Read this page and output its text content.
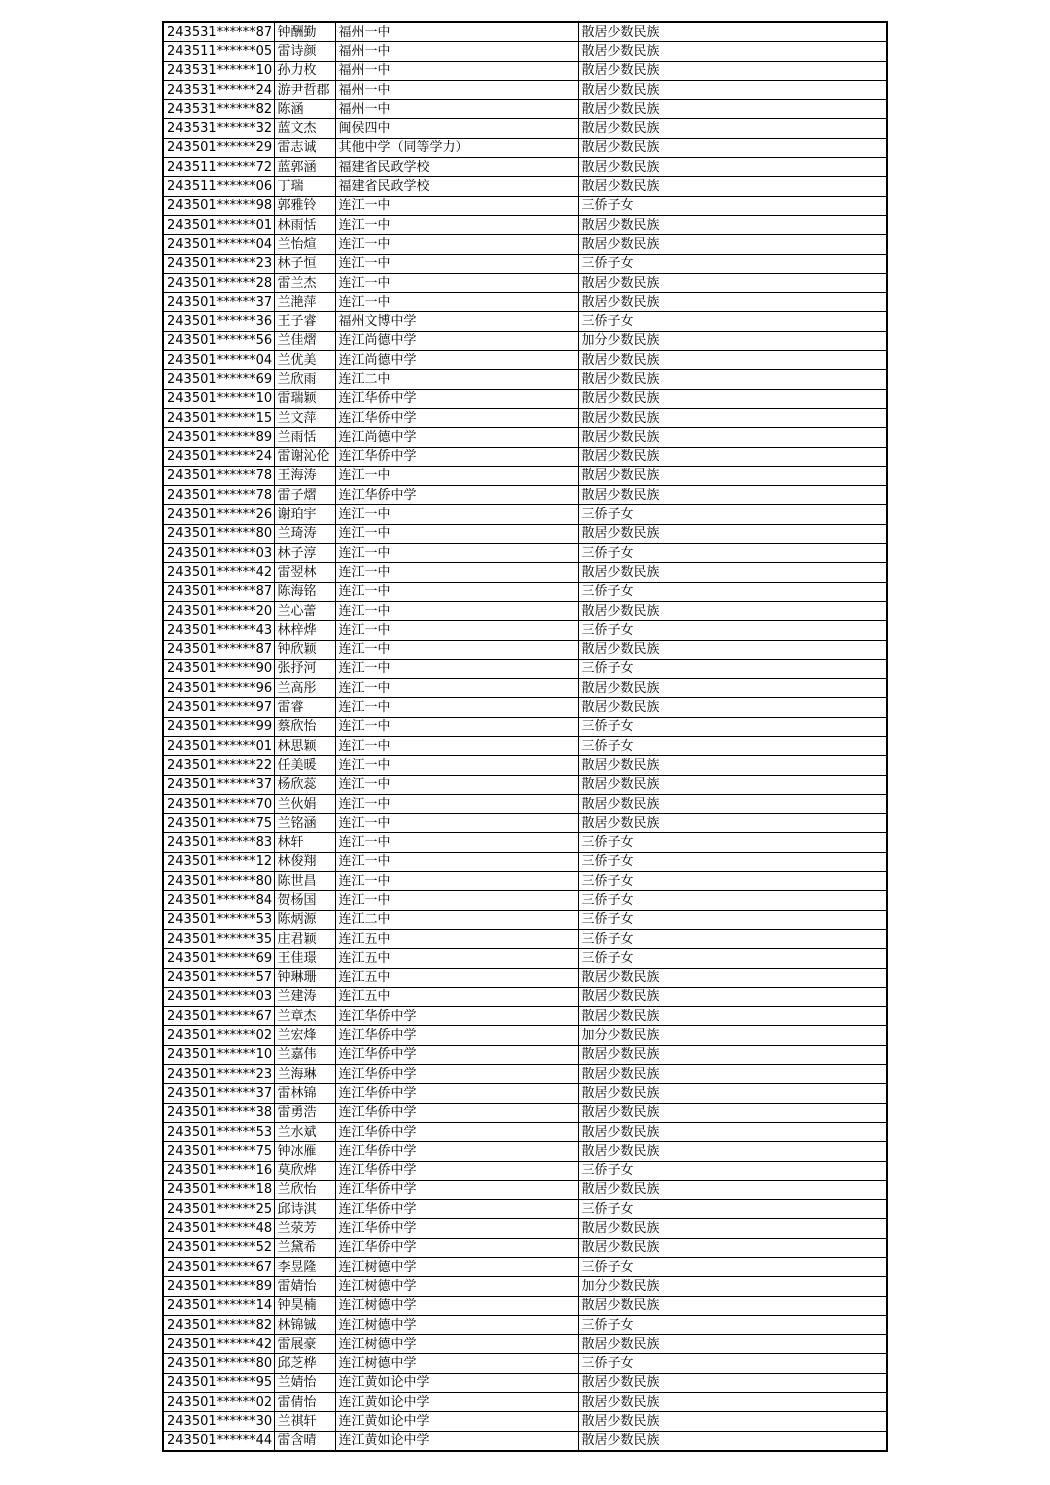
243531******87	钟酬勤	福州一中	散居少数民族
243511******05	雷诗颜	福州一中	散居少数民族
243531******10	孙力枚	福州一中	散居少数民族
243531******24	游尹哲郡	福州一中	散居少数民族
243531******82	陈涵	福州一中	散居少数民族
243531******32	蓝文杰	闽侯四中	散居少数民族
243501******29	雷志诚	其他中学（同等学力）	散居少数民族
243511******72	蓝郭涵	福建省民政学校	散居少数民族
243511******06	丁瑞	福建省民政学校	散居少数民族
243501******98	郭雅铃	连江一中	三侨子女
243501******01	林雨恬	连江一中	散居少数民族
243501******04	兰怡煊	连江一中	散居少数民族
243501******23	林子恒	连江一中	三侨子女
243501******28	雷兰杰	连江一中	散居少数民族
243501******37	兰滟萍	连江一中	散居少数民族
243501******36	王子睿	福州文博中学	三侨子女
243501******56	兰佳熠	连江尚德中学	加分少数民族
243501******04	兰优美	连江尚德中学	散居少数民族
243501******69	兰欣雨	连江二中	散居少数民族
243501******10	雷瑞颖	连江华侨中学	散居少数民族
243501******15	兰文萍	连江华侨中学	散居少数民族
243501******89	兰雨恬	连江尚德中学	散居少数民族
243501******24	雷谢沁伦	连江华侨中学	散居少数民族
243501******78	王海涛	连江一中	散居少数民族
243501******78	雷子熠	连江华侨中学	散居少数民族
243501******26	谢珀宇	连江一中	三侨子女
243501******80	兰琦涛	连江一中	散居少数民族
243501******03	林子淳	连江一中	三侨子女
243501******42	雷翌林	连江一中	散居少数民族
243501******87	陈海铭	连江一中	三侨子女
243501******20	兰心蕾	连江一中	散居少数民族
243501******43	林梓烨	连江一中	三侨子女
243501******87	钟欣颖	连江一中	散居少数民族
243501******90	张抒河	连江一中	三侨子女
243501******96	兰高彤	连江一中	散居少数民族
243501******97	雷睿	连江一中	散居少数民族
243501******99	蔡欣怡	连江一中	三侨子女
243501******01	林思颖	连江一中	三侨子女
243501******22	任美暖	连江一中	散居少数民族
243501******37	杨欣蕊	连江一中	散居少数民族
243501******70	兰伙娟	连江一中	散居少数民族
243501******75	兰铭涵	连江一中	散居少数民族
243501******83	林轩	连江一中	三侨子女
243501******12	林俊翔	连江一中	三侨子女
243501******80	陈世昌	连江一中	三侨子女
243501******84	贺杨国	连江一中	三侨子女
243501******53	陈炳源	连江二中	三侨子女
243501******35	庄君颖	连江五中	三侨子女
243501******69	王佳璟	连江五中	三侨子女
243501******57	钟琳珊	连江五中	散居少数民族
243501******03	兰建涛	连江五中	散居少数民族
243501******67	兰章杰	连江华侨中学	散居少数民族
243501******02	兰宏烽	连江华侨中学	加分少数民族
243501******10	兰嘉伟	连江华侨中学	散居少数民族
243501******23	兰海琳	连江华侨中学	散居少数民族
243501******37	雷林锦	连江华侨中学	散居少数民族
243501******38	雷勇浩	连江华侨中学	散居少数民族
243501******53	兰水斌	连江华侨中学	散居少数民族
243501******75	钟冰雁	连江华侨中学	散居少数民族
243501******16	莫欣烨	连江华侨中学	三侨子女
243501******18	兰欣怡	连江华侨中学	散居少数民族
243501******25	邱诗淇	连江华侨中学	三侨子女
243501******48	兰荥芳	连江华侨中学	散居少数民族
243501******52	兰黛希	连江华侨中学	散居少数民族
243501******67	李昱隆	连江树德中学	三侨子女
243501******89	雷婧怡	连江树德中学	加分少数民族
243501******14	钟昊楠	连江树德中学	散居少数民族
243501******82	林锦铖	连江树德中学	三侨子女
243501******42	雷展豪	连江树德中学	散居少数民族
243501******80	邱芝桦	连江树德中学	三侨子女
243501******95	兰婧怡	连江黄如论中学	散居少数民族
243501******02	雷倩怡	连江黄如论中学	散居少数民族
243501******30	兰祺轩	连江黄如论中学	散居少数民族
243501******44	雷含晴	连江黄如论中学	散居少数民族
